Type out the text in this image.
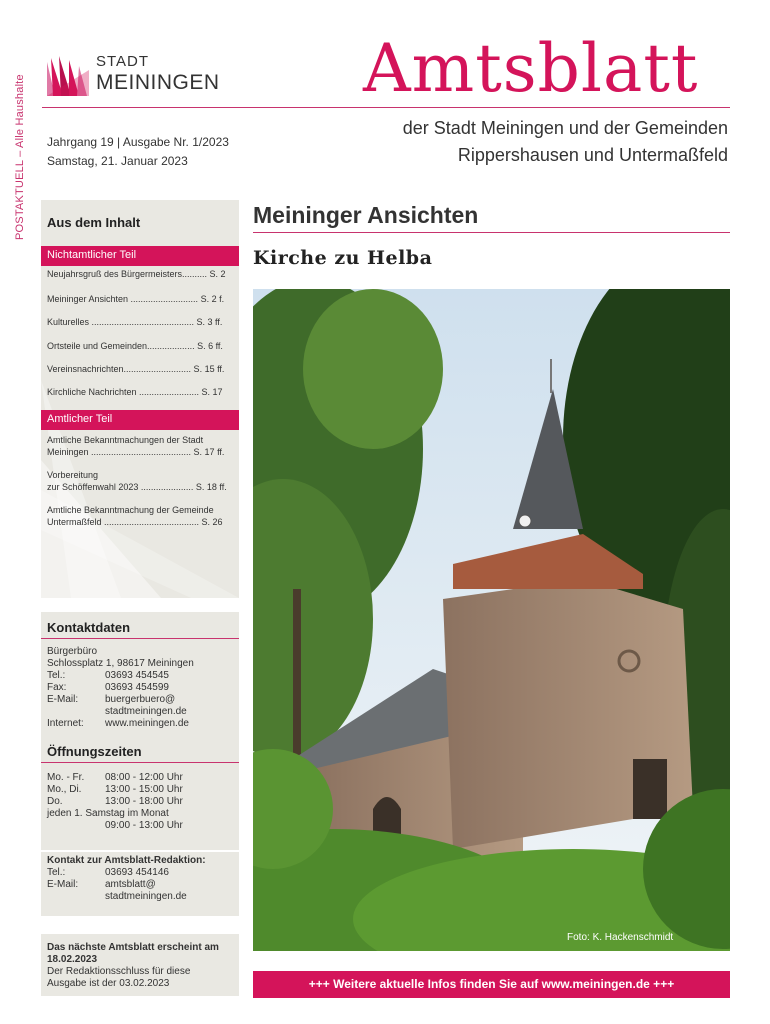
POSTAKTUELL – Alle Haushalte
STADT
MEININGEN Amtsblatt
der Stadt Meiningen und der Gemeinden
Rippershausen und Untermaßfeld
Jahrgang 19 | Ausgabe Nr. 1/2023
Samstag, 21. Januar 2023
Aus dem Inhalt
Nichtamtlicher Teil
Neujahrsgruß des Bürgermeisters.......... S. 2
Meininger Ansichten ........................... S. 2 f.
Kulturelles ......................................... S. 3 ff.
Ortsteile und Gemeinden................... S. 6 ff.
Vereinsnachrichten........................... S. 15 ff.
Kirchliche Nachrichten ........................ S. 17
Amtlicher Teil
Amtliche Bekanntmachungen der Stadt
Meiningen ........................................ S. 17 ff.
Vorbereitung
zur Schöffenwahl 2023 ..................... S. 18 ff.
Amtliche Bekanntmachung der Gemeinde
Untermaßfeld ...................................... S. 26
Kontaktdaten
Bürgerbüro
Schlossplatz 1, 98617 Meiningen
Tel.:	03693 454545
Fax:	03693 454599
E-Mail:	buergerbuero@
stadtmeiningen.de
Internet: www.meiningen.de
Öffnungszeiten
Mo. - Fr. 08:00 - 12:00 Uhr
Mo., Di. 13:00 - 15:00 Uhr
Do.	13:00 - 18:00 Uhr
jeden 1. Samstag im Monat
09:00 - 13:00 Uhr
Kontakt zur Amtsblatt-Redaktion:
Tel.:	03693 454146
E-Mail:	amtsblatt@
stadtmeiningen.de
Das nächste Amtsblatt erscheint am
18.02.2023
Der Redaktionsschluss für diese
Ausgabe ist der 03.02.2023
Meininger Ansichten
Kirche zu Helba
Foto: K. Hackenschmidt
+++ Weitere aktuelle Infos finden Sie auf www.meiningen.de +++
